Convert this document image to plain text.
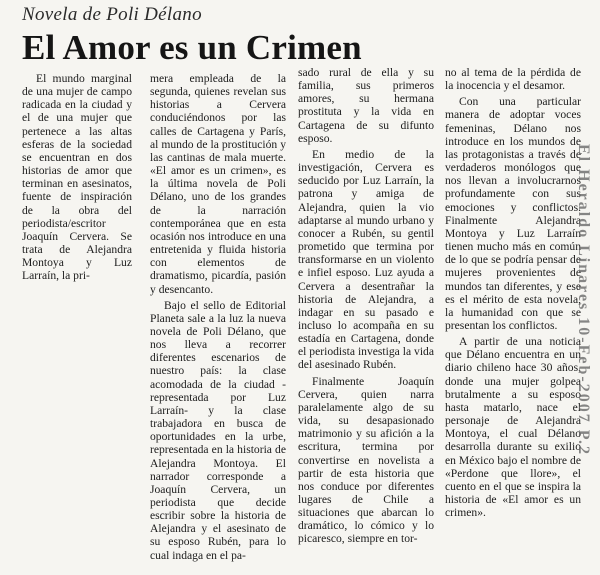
Novela de Poli Délano
El Amor es un Crimen

El mundo marginal de una mujer de campo radicada en la ciudad y el de una mujer que pertenece a las altas esferas de la sociedad se encuentran en dos historias de amor que terminan en asesinatos, fuente de inspiración de la obra del periodista/escritor Joaquín Cervera. Se trata de Alejandra Montoya y Luz Larraín, la pri-

mera empleada de la segunda, quienes revelan sus historias a Cervera conduciéndonos por las calles de Cartagena y París, al mundo de la prostitución y las cantinas de mala muerte. «El amor es un crimen», es la última novela de Poli Délano, uno de los grandes de la narración contemporánea que en esta ocasión nos introduce en una entretenida y fluida historia con elementos de dramatismo, picardía, pasión y desencanto.

Bajo el sello de Editorial Planeta sale a la luz la nueva novela de Poli Délano, que nos lleva a recorrer diferentes escenarios de nuestro país: la clase acomodada de la ciudad - representada por Luz Larraín- y la clase trabajadora en busca de oportunidades en la urbe, representada en la historia de Alejandra Montoya. El narrador corresponde a Joaquín Cervera, un periodista que decide escribir sobre la historia de Alejandra y el asesinato de su esposo Rubén, para lo cual indaga en el pa-

sado rural de ella y su familia, sus primeros amores, su hermana prostituta y la vida en Cartagena de su difunto esposo.

En medio de la investigación, Cervera es seducido por Luz Larraín, la patrona y amiga de Alejandra, quien la vio adaptarse al mundo urbano y conocer a Rubén, su gentil prometido que termina por transformarse en un violento e infiel esposo. Luz ayuda a Cervera a desentrañar la historia de Alejandra, a indagar en su pasado e incluso lo acompaña en su estadía en Cartagena, donde el periodista investiga la vida del asesinado Rubén.

Finalmente Joaquín Cervera, quien narra paralelamente algo de su vida, su desapasionado matrimonio y su afición a la escritura, termina por convertirse en novelista a partir de esta historia que nos conduce por diferentes lugares de Chile a situaciones que abarcan lo dramático, lo cómico y lo picaresco, siempre en tor-

no al tema de la pérdida de la inocencia y el desamor.

Con una particular manera de adoptar voces femeninas, Délano nos introduce en los mundos de las protagonistas a través de verdaderos monólogos que nos llevan a involucrarnos profundamente con sus emociones y conflictos. Finalmente Alejandra Montoya y Luz Larraín tienen mucho más en común de lo que se podría pensar de mujeres provenientes de mundos tan diferentes, y ese es el mérito de esta novela, la humanidad con que se presentan los conflictos.

A partir de una noticia que Délano encuentra en un diario chileno hace 30 años, donde una mujer golpea brutalmente a su esposo hasta matarlo, nace el personaje de Alejandra Montoya, el cual Délano desarrolla durante su exilio en México bajo el nombre de «Perdone que llore», el cuento en el que se inspira la historia de «El amor es un crimen».

El Heraldo Linares 10-Feb-2007 P.2
